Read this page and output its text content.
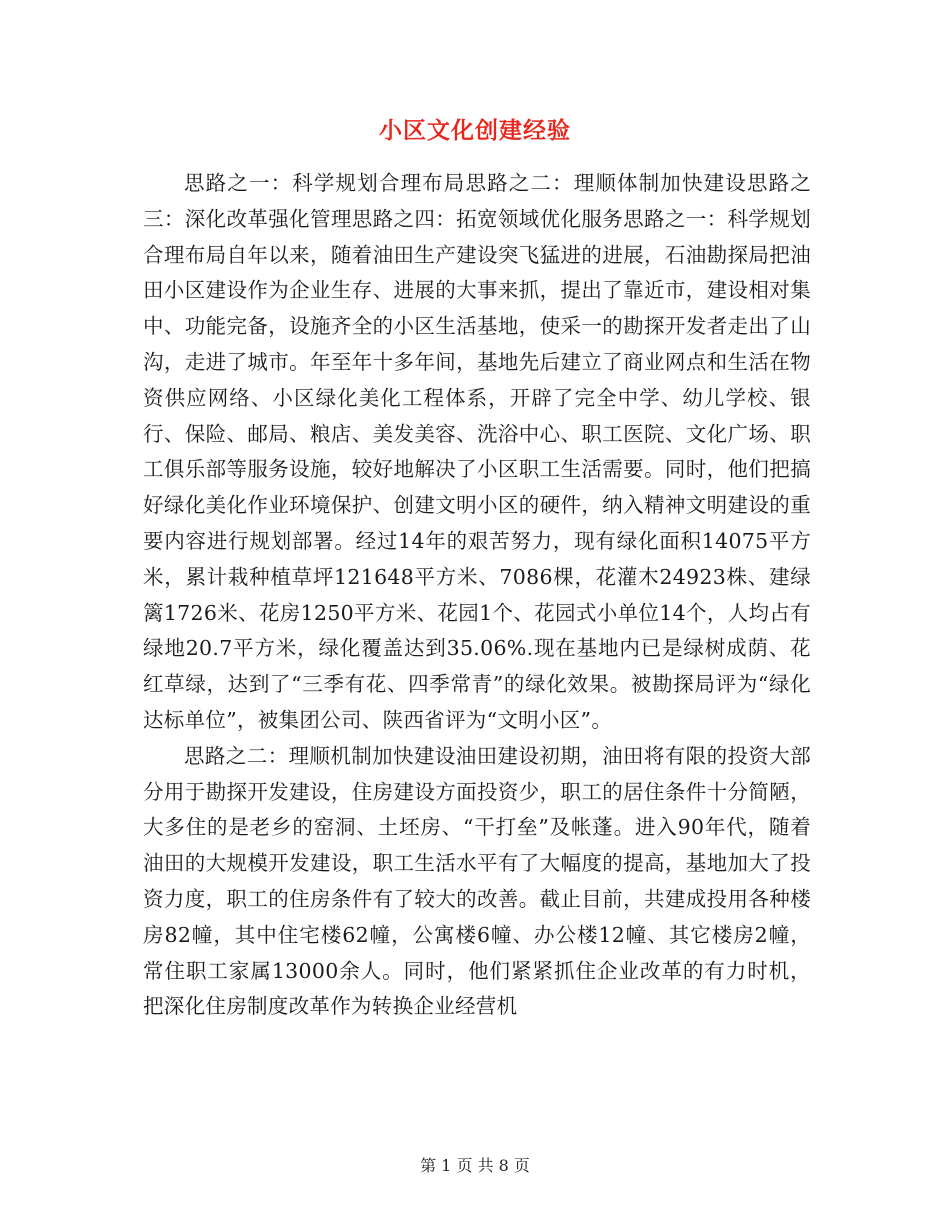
小区文化创建经验

思路之一：科学规划合理布局思路之二：理顺体制加快建设思路之三：深化改革强化管理思路之四：拓宽领域优化服务思路之一：科学规划合理布局自年以来，随着油田生产建设突飞猛进的进展，石油勘探局把油田小区建设作为企业生存、进展的大事来抓，提出了靠近市，建设相对集中、功能完备，设施齐全的小区生活基地，使采一的勘探开发者走出了山沟，走进了城市。年至年十多年间，基地先后建立了商业网点和生活在物资供应网络、小区绿化美化工程体系，开辟了完全中学、幼儿学校、银行、保险、邮局、粮店、美发美容、洗浴中心、职工医院、文化广场、职工俱乐部等服务设施，较好地解决了小区职工生活需要。同时，他们把搞好绿化美化作业环境保护、创建文明小区的硬件，纳入精神文明建设的重要内容进行规划部署。经过14年的艰苦努力，现有绿化面积14075平方米，累计栽种植草坪121648平方米、7086棵，花灌木24923株、建绿篱1726米、花房1250平方米、花园1个、花园式小单位14个，人均占有绿地20.7平方米，绿化覆盖达到35.06%.现在基地内已是绿树成荫、花红草绿，达到了“三季有花、四季常青”的绿化效果。被勘探局评为“绿化达标单位”，被集团公司、陕西省评为“文明小区”。

思路之二：理顺机制加快建设油田建设初期，油田将有限的投资大部分用于勘探开发建设，住房建设方面投资少，职工的居住条件十分简陋，大多住的是老乡的窑洞、土坯房、“干打垒”及帐蓬。进入90年代，随着油田的大规模开发建设，职工生活水平有了大幅度的提高，基地加大了投资力度，职工的住房条件有了较大的改善。截止目前，共建成投用各种楼房82幢，其中住宅楼62幢，公寓楼6幢、办公楼12幢、其它楼房2幢，常住职工家属13000余人。同时，他们紧紧抓住企业改革的有力时机，把深化住房制度改革作为转换企业经营机

第 1 页 共 8 页
